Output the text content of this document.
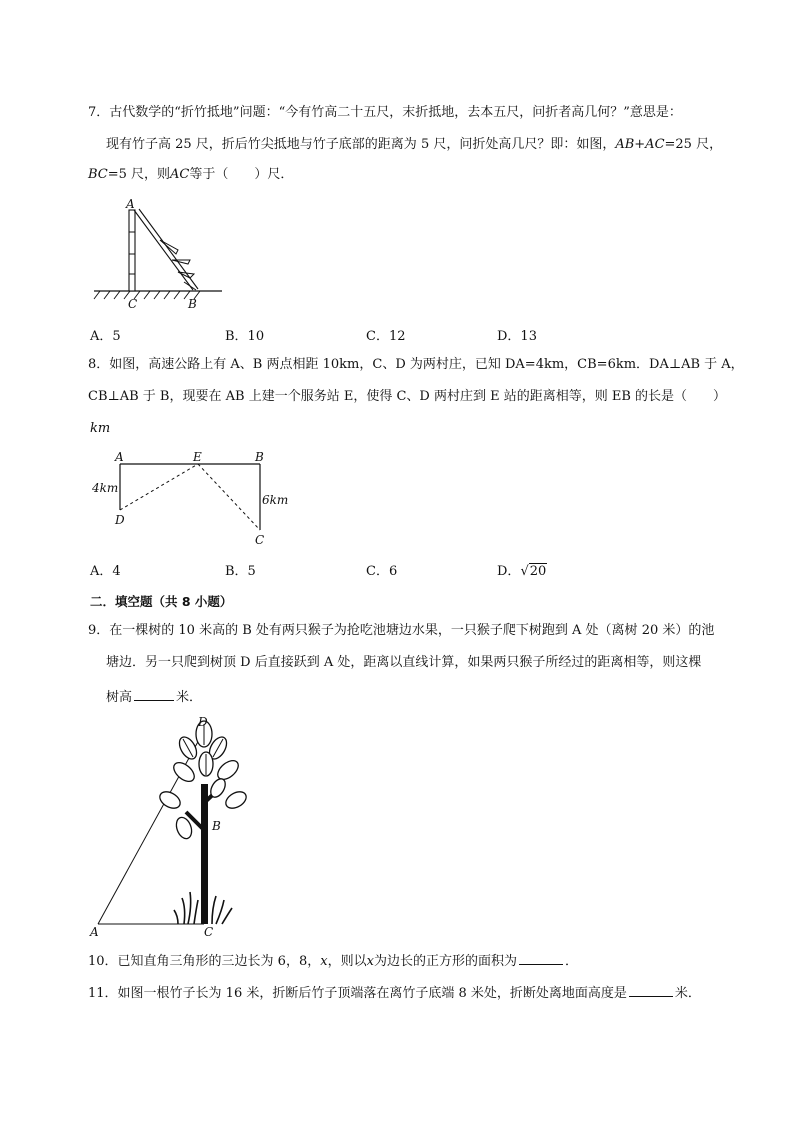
7．古代数学的“折竹抵地”问题：“今有竹高二十五尺，末折抵地，去本五尺，问折者高几何？”意思是：
现有竹子高 25 尺，折后竹尖抵地与竹子底部的距离为 5 尺，问折处高几尺？即：如图，AB+AC=25 尺，
BC=5 尺，则AC等于（　　）尺．
A
C	B
A．5	B．10	C．12	D．13
8．如图，高速公路上有 A、B 两点相距 10km，C、D 为两村庄，已知 DA=4km，CB=6km．DA⊥AB 于 A，
CB⊥AB 于 B，现要在 AB 上建一个服务站 E，使得 C、D 两村庄到 E 站的距离相等，则 EB 的长是（　　）
km
A	E	B
D
C
4km
6km
A．4	B．5	C．6	D．√20
二．填空题（共 8 小题）
9．在一棵树的 10 米高的 B 处有两只猴子为抢吃池塘边水果，一只猴子爬下树跑到 A 处（离树 20 米）的池
塘边．另一只爬到树顶 D 后直接跃到 A 处，距离以直线计算，如果两只猴子所经过的距离相等，则这棵
树高	米．
D
B
A	C
10．已知直角三角形的三边长为 6，8，x，则以x为边长的正方形的面积为	．
11．如图一根竹子长为 16 米，折断后竹子顶端落在离竹子底端 8 米处，折断处离地面高度是	米．
